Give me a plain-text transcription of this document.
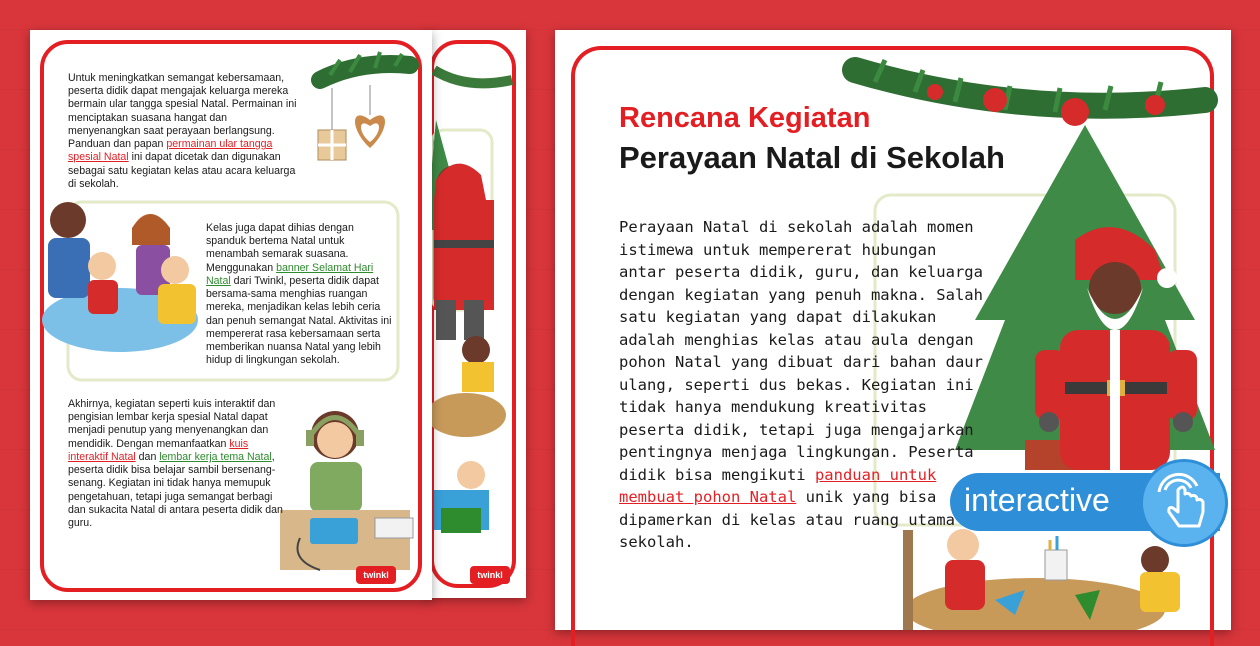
twinkl

Untuk meningkatkan semangat kebersamaan, peserta didik dapat mengajak keluarga mereka bermain ular tangga spesial Natal. Permainan ini menciptakan suasana hangat dan menyenangkan saat perayaan berlangsung. Panduan dan papan permainan ular tangga spesial Natal ini dapat dicetak dan digunakan sebagai satu kegiatan kelas atau acara keluarga di sekolah.

Kelas juga dapat dihias dengan spanduk bertema Natal untuk menambah semarak suasana. Menggunakan banner Selamat Hari Natal dari Twinkl, peserta didik dapat bersama-sama menghias ruangan mereka, menjadikan kelas lebih ceria dan penuh semangat Natal. Aktivitas ini mempererat rasa kebersamaan serta memberikan nuansa Natal yang lebih hidup di lingkungan sekolah.

Akhirnya, kegiatan seperti kuis interaktif dan pengisian lembar kerja spesial Natal dapat menjadi penutup yang menyenangkan dan mendidik. Dengan memanfaatkan kuis interaktif Natal dan lembar kerja tema Natal, peserta didik bisa belajar sambil bersenang-senang. Kegiatan ini tidak hanya memupuk pengetahuan, tetapi juga semangat berbagi dan sukacita Natal di antara peserta didik dan guru.

twinkl
Rencana Kegiatan
Perayaan Natal di Sekolah

Perayaan Natal di sekolah adalah momen istimewa untuk mempererat hubungan antar peserta didik, guru, dan keluarga dengan kegiatan yang penuh makna. Salah satu kegiatan yang dapat dilakukan adalah menghias kelas atau aula dengan pohon Natal yang dibuat dari bahan daur ulang, seperti dus bekas. Kegiatan ini tidak hanya mendukung kreativitas peserta didik, tetapi juga mengajarkan pentingnya menjaga lingkungan. Peserta didik bisa mengikuti panduan untuk membuat pohon Natal unik yang bisa dipamerkan di kelas atau ruang utama sekolah.

interactive
